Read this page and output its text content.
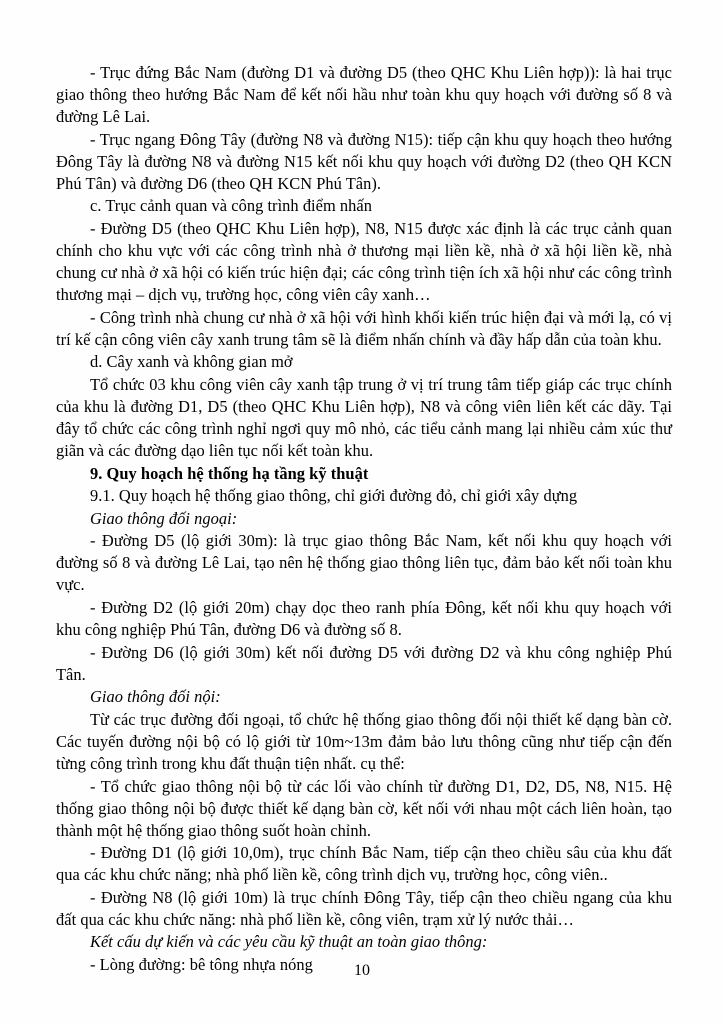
- Trục đứng Bắc Nam (đường D1 và đường D5 (theo QHC Khu Liên hợp)): là hai trục giao thông theo hướng Bắc Nam để kết nối hầu như toàn khu quy hoạch với đường số 8 và đường Lê Lai.

- Trục ngang Đông Tây (đường N8 và đường N15): tiếp cận khu quy hoạch theo hướng Đông Tây là đường N8 và đường N15 kết nối khu quy hoạch với đường D2 (theo QH KCN Phú Tân) và đường D6 (theo QH KCN Phú Tân).

c. Trục cảnh quan và công trình điểm nhấn

- Đường D5 (theo QHC Khu Liên hợp), N8, N15 được xác định là các trục cảnh quan chính cho khu vực với các công trình nhà ở thương mại liền kề, nhà ở xã hội liền kề, nhà chung cư nhà ở xã hội có kiến trúc hiện đại; các công trình tiện ích xã hội như các công trình thương mại – dịch vụ, trường học, công viên cây xanh…

- Công trình nhà chung cư nhà ở xã hội với hình khối kiến trúc hiện đại và mới lạ, có vị trí kế cận công viên cây xanh trung tâm sẽ là điểm nhấn chính và đầy hấp dẫn của toàn khu.

d. Cây xanh và không gian mở

Tổ chức 03 khu công viên cây xanh tập trung ở vị trí trung tâm tiếp giáp các trục chính của khu là đường D1, D5 (theo QHC Khu Liên hợp), N8 và công viên liên kết các dãy. Tại đây tổ chức các công trình nghỉ ngơi quy mô nhỏ, các tiểu cảnh mang lại nhiều cảm xúc thư giãn và các đường dạo liên tục nối kết toàn khu.

9. Quy hoạch hệ thống hạ tầng kỹ thuật

9.1. Quy hoạch hệ thống giao thông, chỉ giới đường đỏ, chỉ giới xây dựng

Giao thông đối ngoại:

- Đường D5 (lộ giới 30m): là trục giao thông Bắc Nam, kết nối khu quy hoạch với đường số 8 và đường Lê Lai, tạo nên hệ thống giao thông liên tục, đảm bảo kết nối toàn khu vực.

- Đường D2 (lộ giới 20m) chạy dọc theo ranh phía Đông, kết nối khu quy hoạch với khu công nghiệp Phú Tân, đường D6 và đường số 8.

- Đường D6 (lộ giới 30m) kết nối đường D5 với đường D2 và khu công nghiệp Phú Tân.

Giao thông đối nội:

Từ các trục đường đối ngoại, tổ chức hệ thống giao thông đối nội thiết kế dạng bàn cờ. Các tuyến đường nội bộ có lộ giới từ 10m~13m đảm bảo lưu thông cũng như tiếp cận đến từng công trình trong khu đất thuận tiện nhất. cụ thể:

- Tổ chức giao thông nội bộ từ các lối vào chính từ đường D1, D2, D5, N8, N15. Hệ thống giao thông nội bộ được thiết kế dạng bàn cờ, kết nối với nhau một cách liên hoàn, tạo thành một hệ thống giao thông suốt hoàn chỉnh.

- Đường D1 (lộ giới 10,0m), trục chính Bắc Nam, tiếp cận theo chiều sâu của khu đất qua các khu chức năng; nhà phố liền kề, công trình dịch vụ, trường học, công viên..

- Đường N8 (lộ giới 10m) là trục chính Đông Tây, tiếp cận theo chiều ngang của khu đất qua các khu chức năng: nhà phố liền kề, công viên, trạm xử lý nước thải…

Kết cấu dự kiến và các yêu cầu kỹ thuật an toàn giao thông:

- Lòng đường: bê tông nhựa nóng	10
